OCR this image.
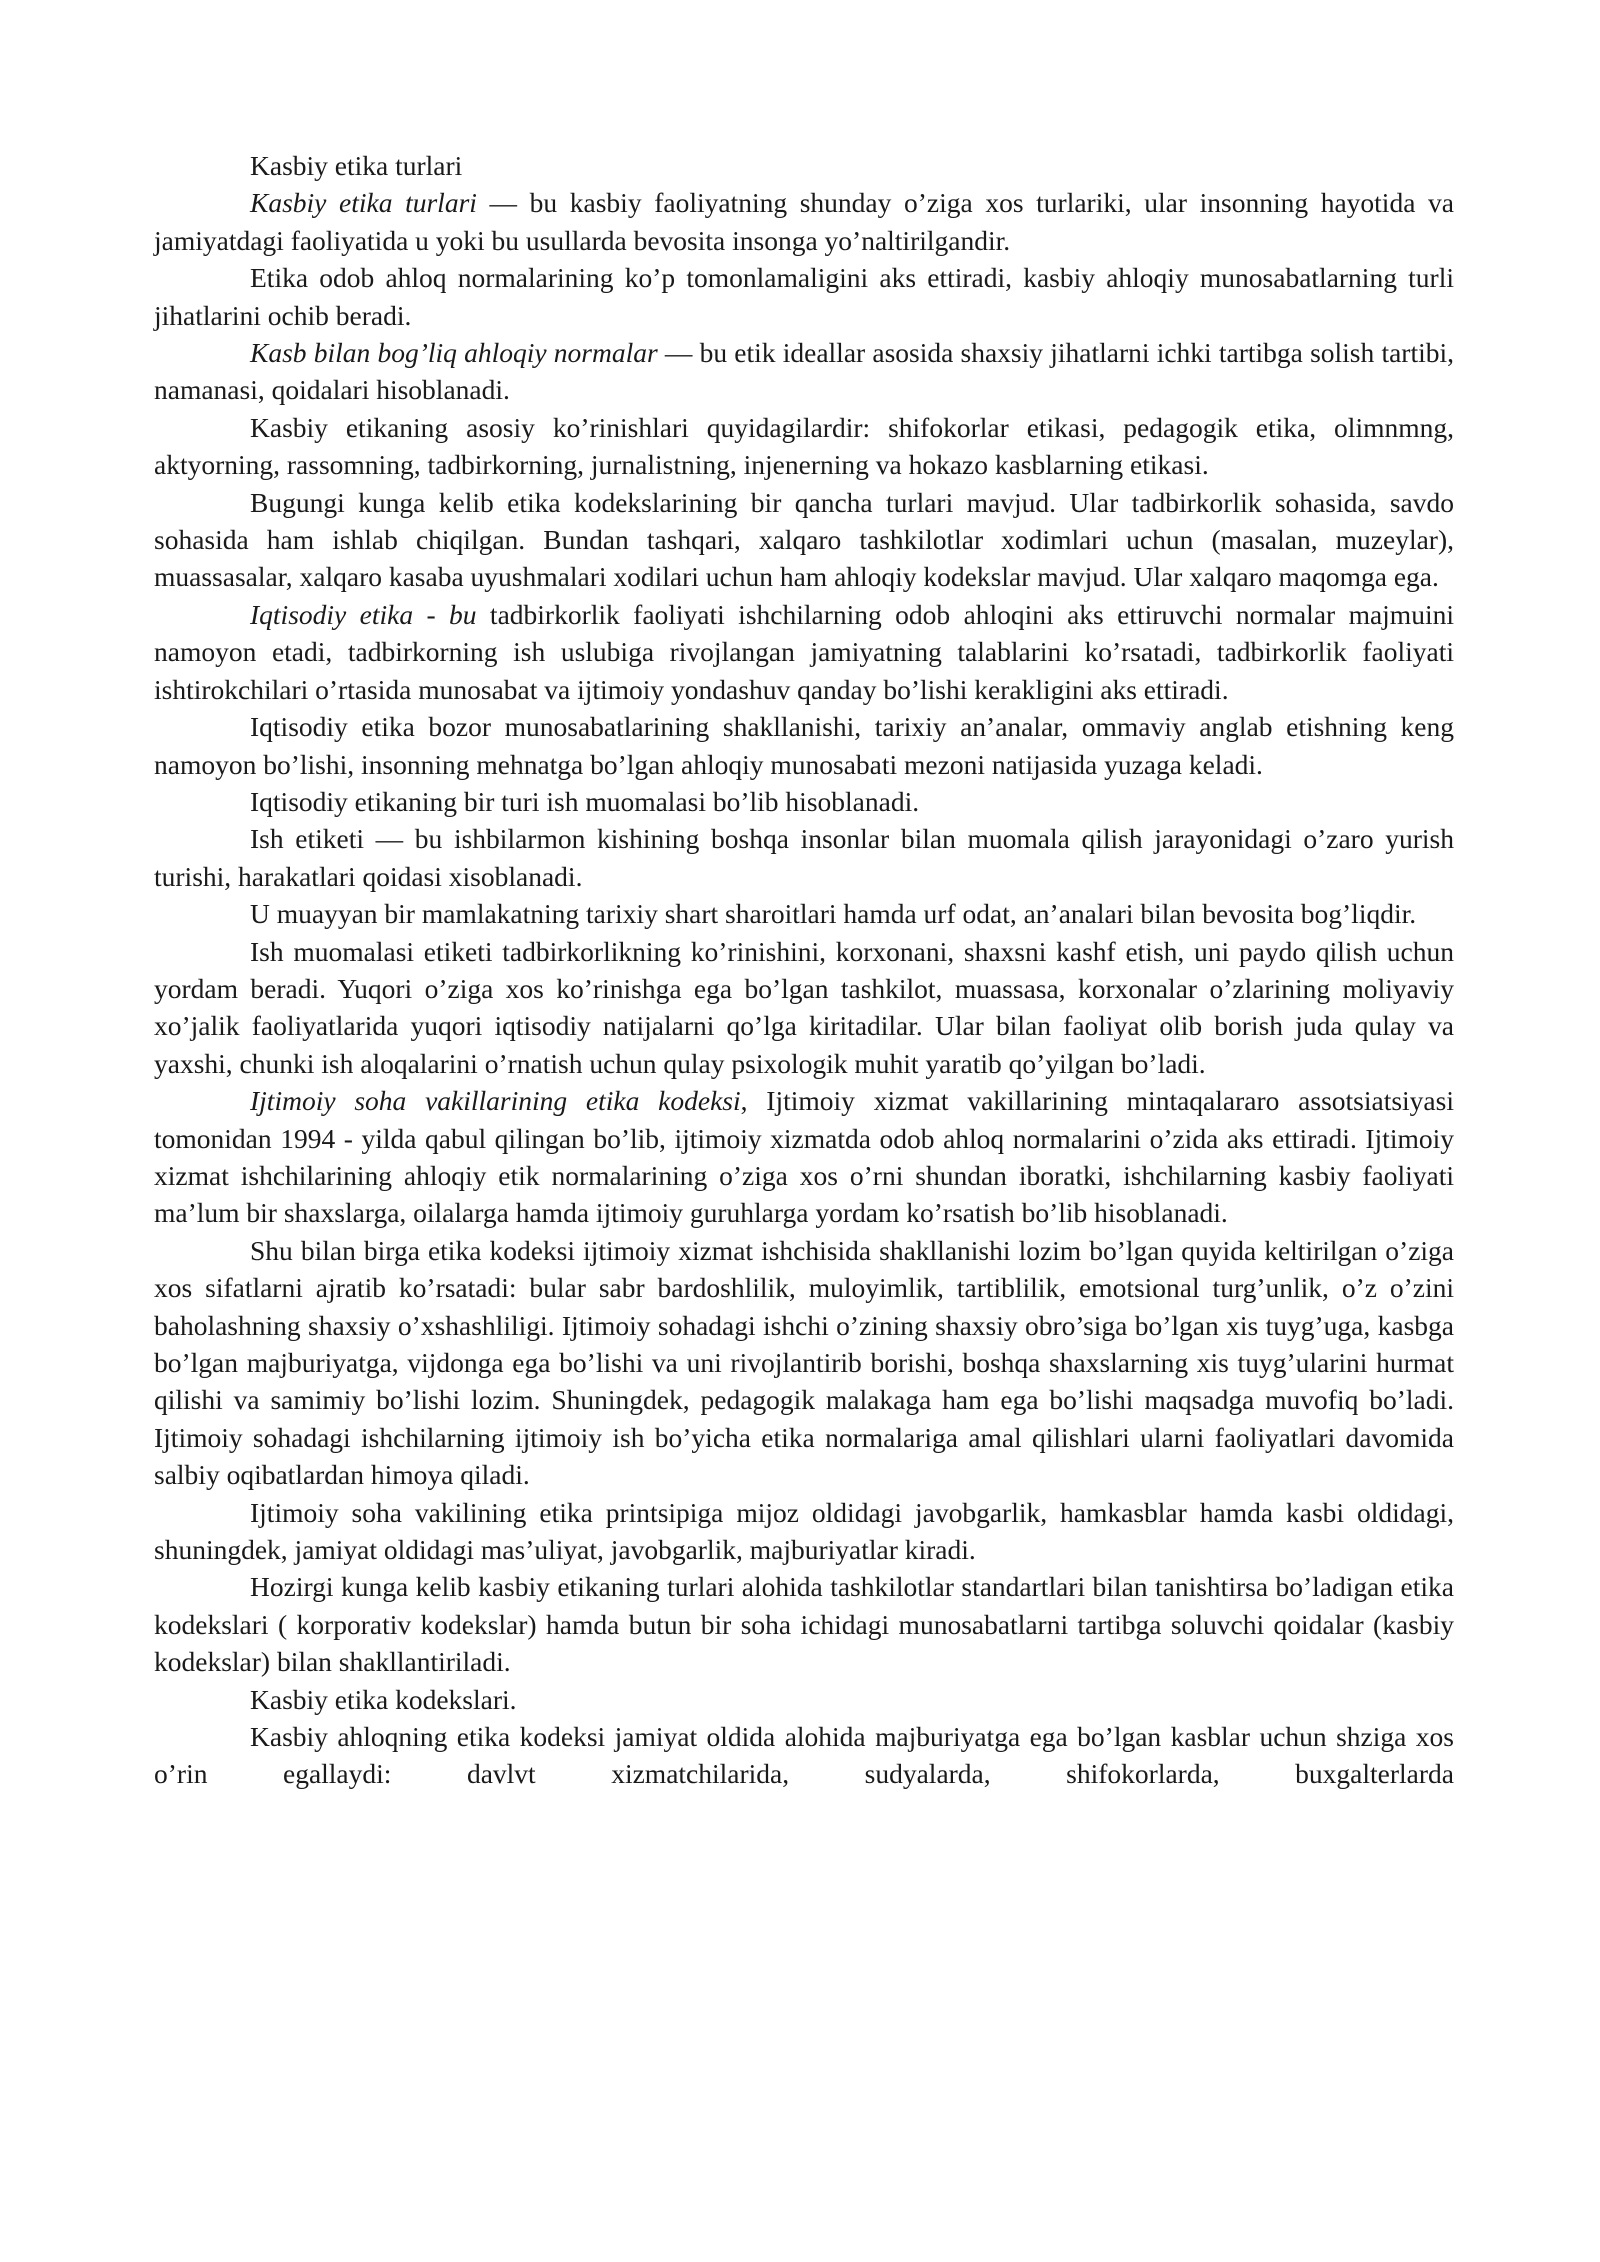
Kasbiy etika turlari

Kasbiy etika turlari — bu kasbiy faoliyatning shunday o’ziga xos turlariki, ular insonning hayotida va jamiyatdagi faoliyatida u yoki bu usullarda bevosita insonga yo’naltirilgandir.

Etika odob ahloq normalarining ko’p tomonlamaligini aks ettiradi, kasbiy ahloqiy munosabatlarning turli jihatlarini ochib beradi.

Kasb bilan bog’liq ahloqiy normalar — bu etik ideallar asosida shaxsiy jihatlarni ichki tartibga solish tartibi, namanasi, qoidalari hisoblanadi.

Kasbiy etikaning asosiy ko’rinishlari quyidagilardir: shifokorlar etikasi, pedagogik etika, olimnmng, aktyorning, rassomning, tadbirkorning, jurnalistning, injenerning va hokazo kasblarning etikasi.

Bugungi kunga kelib etika kodekslarining bir qancha turlari mavjud. Ular tadbirkorlik sohasida, savdo sohasida ham ishlab chiqilgan. Bundan tashqari, xalqaro tashkilotlar xodimlari uchun (masalan, muzeylar), muassasalar, xalqaro kasaba uyushmalari xodilari uchun ham ahloqiy kodekslar mavjud. Ular xalqaro maqomga ega.

Iqtisodiy etika - bu tadbirkorlik faoliyati ishchilarning odob ahloqini aks ettiruvchi normalar majmuini namoyon etadi, tadbirkorning ish uslubiga rivojlangan jamiyatning talablarini ko’rsatadi, tadbirkorlik faoliyati ishtirokchilari o’rtasida munosabat va ijtimoiy yondashuv qanday bo’lishi kerakligini aks ettiradi.

Iqtisodiy etika bozor munosabatlarining shakllanishi, tarixiy an’analar, ommaviy anglab etishning keng namoyon bo’lishi, insonning mehnatga bo’lgan ahloqiy munosabati mezoni natijasida yuzaga keladi.

Iqtisodiy etikaning bir turi ish muomalasi bo’lib hisoblanadi.

Ish etiketi — bu ishbilarmon kishining boshqa insonlar bilan muomala qilish jarayonidagi o’zaro yurish turishi, harakatlari qoidasi xisoblanadi.

U muayyan bir mamlakatning tarixiy shart sharoitlari hamda urf odat, an’analari bilan bevosita bog’liqdir.

Ish muomalasi etiketi tadbirkorlikning ko’rinishini, korxonani, shaxsni kashf etish, uni paydo qilish uchun yordam beradi. Yuqori o’ziga xos ko’rinishga ega bo’lgan tashkilot, muassasa, korxonalar o’zlarining moliyaviy xo’jalik faoliyatlarida yuqori iqtisodiy natijalarni qo’lga kiritadilar. Ular bilan faoliyat olib borish juda qulay va yaxshi, chunki ish aloqalarini o’rnatish uchun qulay psixologik muhit yaratib qo’yilgan bo’ladi.

Ijtimoiy soha vakillarining etika kodeksi, Ijtimoiy xizmat vakillarining mintaqalararo assotsiatsiyasi tomonidan 1994 - yilda qabul qilingan bo’lib, ijtimoiy xizmatda odob ahloq normalarini o’zida aks ettiradi. Ijtimoiy xizmat ishchilarining ahloqiy etik normalarining o’ziga xos o’rni shundan iboratki, ishchilarning kasbiy faoliyati ma’lum bir shaxslarga, oilalarga hamda ijtimoiy guruhlarga yordam ko’rsatish bo’lib hisoblanadi.

Shu bilan birga etika kodeksi ijtimoiy xizmat ishchisida shakllanishi lozim bo’lgan quyida keltirilgan o’ziga xos sifatlarni ajratib ko’rsatadi: bular sabr bardoshlilik, muloyimlik, tartiblilik, emotsional turg’unlik, o’z o’zini baholashning shaxsiy o’xshashliligi. Ijtimoiy sohadagi ishchi o’zining shaxsiy obro’siga bo’lgan xis tuyg’uga, kasbga bo’lgan majburiyatga, vijdonga ega bo’lishi va uni rivojlantirib borishi, boshqa shaxslarning xis tuyg’ularini hurmat qilishi va samimiy bo’lishi lozim. Shuningdek, pedagogik malakaga ham ega bo’lishi maqsadga muvofiq bo’ladi. Ijtimoiy sohadagi ishchilarning ijtimoiy ish bo’yicha etika normalariga amal qilishlari ularni faoliyatlari davomida salbiy oqibatlardan himoya qiladi.

Ijtimoiy soha vakilining etika printsipiga mijoz oldidagi javobgarlik, hamkasblar hamda kasbi oldidagi, shuningdek, jamiyat oldidagi mas’uliyat, javobgarlik, majburiyatlar kiradi.

Hozirgi kunga kelib kasbiy etikaning turlari alohida tashkilotlar standartlari bilan tanishtirsa bo’ladigan etika kodekslari ( korporativ kodekslar) hamda butun bir soha ichidagi munosabatlarni tartibga soluvchi qoidalar (kasbiy kodekslar) bilan shakllantiriladi.

Kasbiy etika kodekslari.

Kasbiy ahloqning etika kodeksi jamiyat oldida alohida majburiyatga ega bo’lgan kasblar uchun shziga xos o’rin egallaydi: davlvt xizmatchilarida, sudyalarda, shifokorlarda, buxgalterlarda
